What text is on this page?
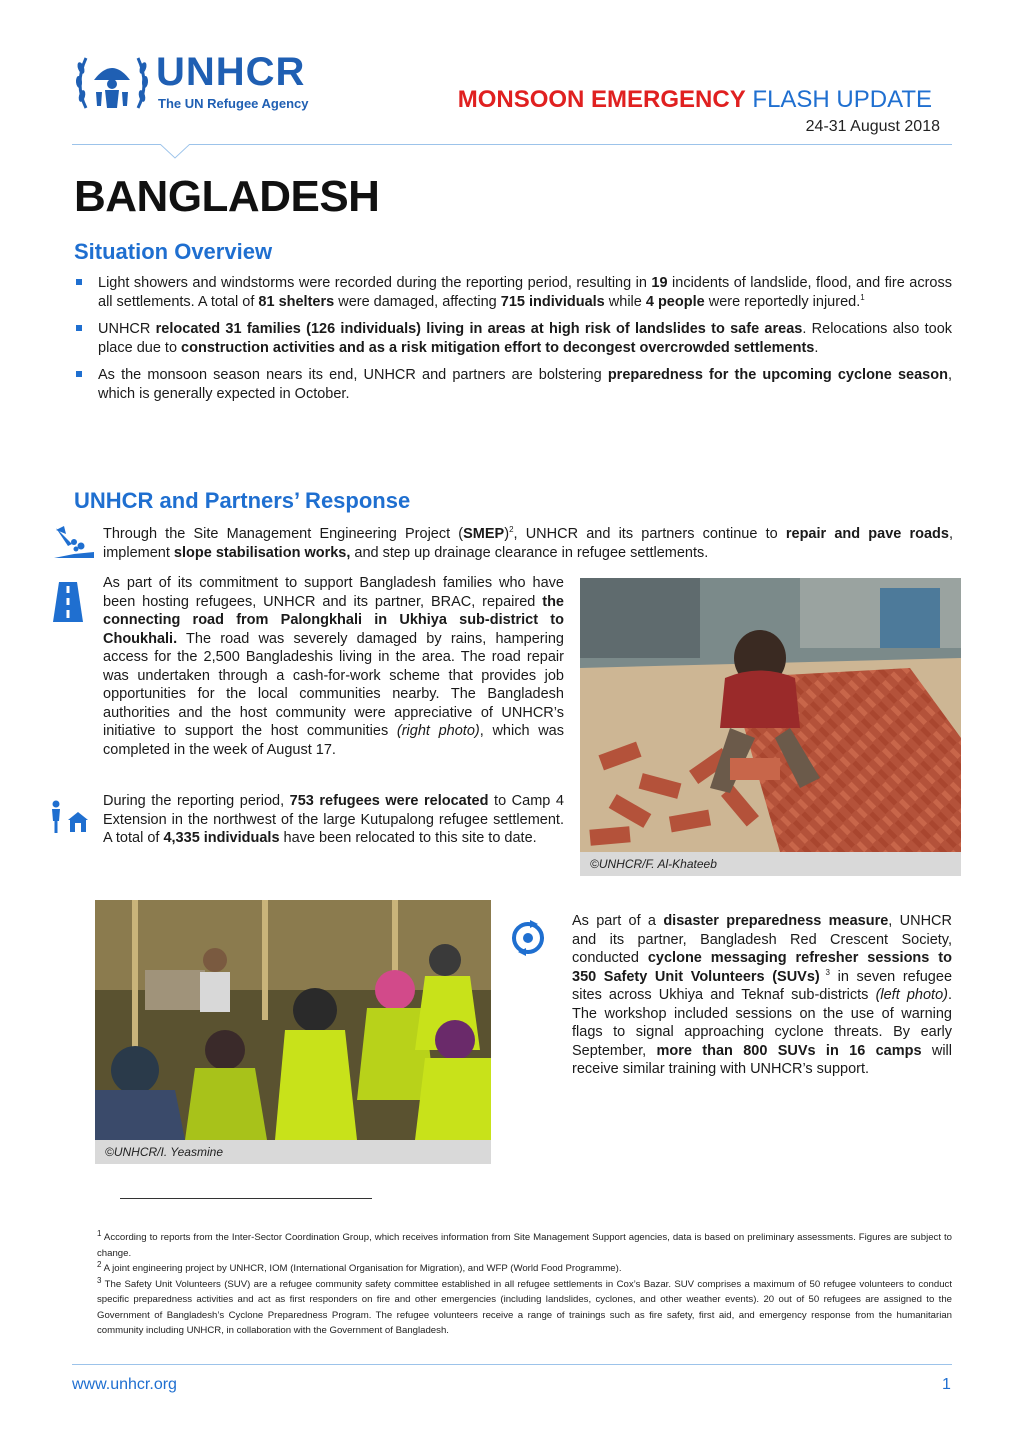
UNHCR
The UN Refugee Agency	MONSOON EMERGENCY FLASH UPDATE
24-31 August 2018
BANGLADESH
Situation Overview
Light showers and windstorms were recorded during the reporting period, resulting in 19 incidents of landslide, flood, and fire across all settlements. A total of 81 shelters were damaged, affecting 715 individuals while 4 people were reportedly injured.$^1$
UNHCR relocated 31 families (126 individuals) living in areas at high risk of landslides to safe areas. Relocations also took place due to construction activities and as a risk mitigation effort to decongest overcrowded settlements.
As the monsoon season nears its end, UNHCR and partners are bolstering preparedness for the upcoming cyclone season, which is generally expected in October.
UNHCR and Partners’ Response
Through the Site Management Engineering Project (SMEP)$^2$, UNHCR and its partners continue to repair and pave roads, implement slope stabilisation works, and step up drainage clearance in refugee settlements.
As part of its commitment to support Bangladesh families who have been hosting refugees, UNHCR and its partner, BRAC, repaired the connecting road from Palongkhali in Ukhiya sub-district to Choukhali. The road was severely damaged by rains, hampering access for the 2,500 Bangladeshis living in the area. The road repair was undertaken through a cash-for-work scheme that provides job opportunities for the local communities nearby. The Bangladesh authorities and the host community were appreciative of UNHCR’s initiative to support the host communities (right photo), which was completed in the week of August 17.
During the reporting period, 753 refugees were relocated to Camp 4 Extension in the northwest of the large Kutupalong refugee settlement. A total of 4,335 individuals have been relocated to this site to date.
As part of a disaster preparedness measure, UNHCR and its partner, Bangladesh Red Crescent Society, conducted cyclone messaging refresher sessions to 350 Safety Unit Volunteers (SUVs) $^3$ in seven refugee sites across Ukhiya and Teknaf sub-districts (left photo). The workshop included sessions on the use of warning flags to signal approaching cyclone threats. By early September, more than 800 SUVs in 16 camps will receive similar training with UNHCR’s support.
©UNHCR/F. Al-Khateeb
©UNHCR/I. Yeasmine

$^1$ According to reports from the Inter-Sector Coordination Group, which receives information from Site Management Support agencies, data is based on preliminary assessments. Figures are subject to change.

$^2$ A joint engineering project by UNHCR, IOM (International Organisation for Migration), and WFP (World Food Programme).

$^3$ The Safety Unit Volunteers (SUV) are a refugee community safety committee established in all refugee settlements in Cox’s Bazar. SUV comprises a maximum of 50 refugee volunteers to conduct specific preparedness activities and act as first responders on fire and other emergencies (including landslides, cyclones, and other weather events). 20 out of 50 refugees are assigned to the Government of Bangladesh’s Cyclone Preparedness Program. The refugee volunteers receive a range of trainings such as fire safety, first aid, and emergency response from the humanitarian community including UNHCR, in collaboration with the Government of Bangladesh.

www.unhcr.org	1
